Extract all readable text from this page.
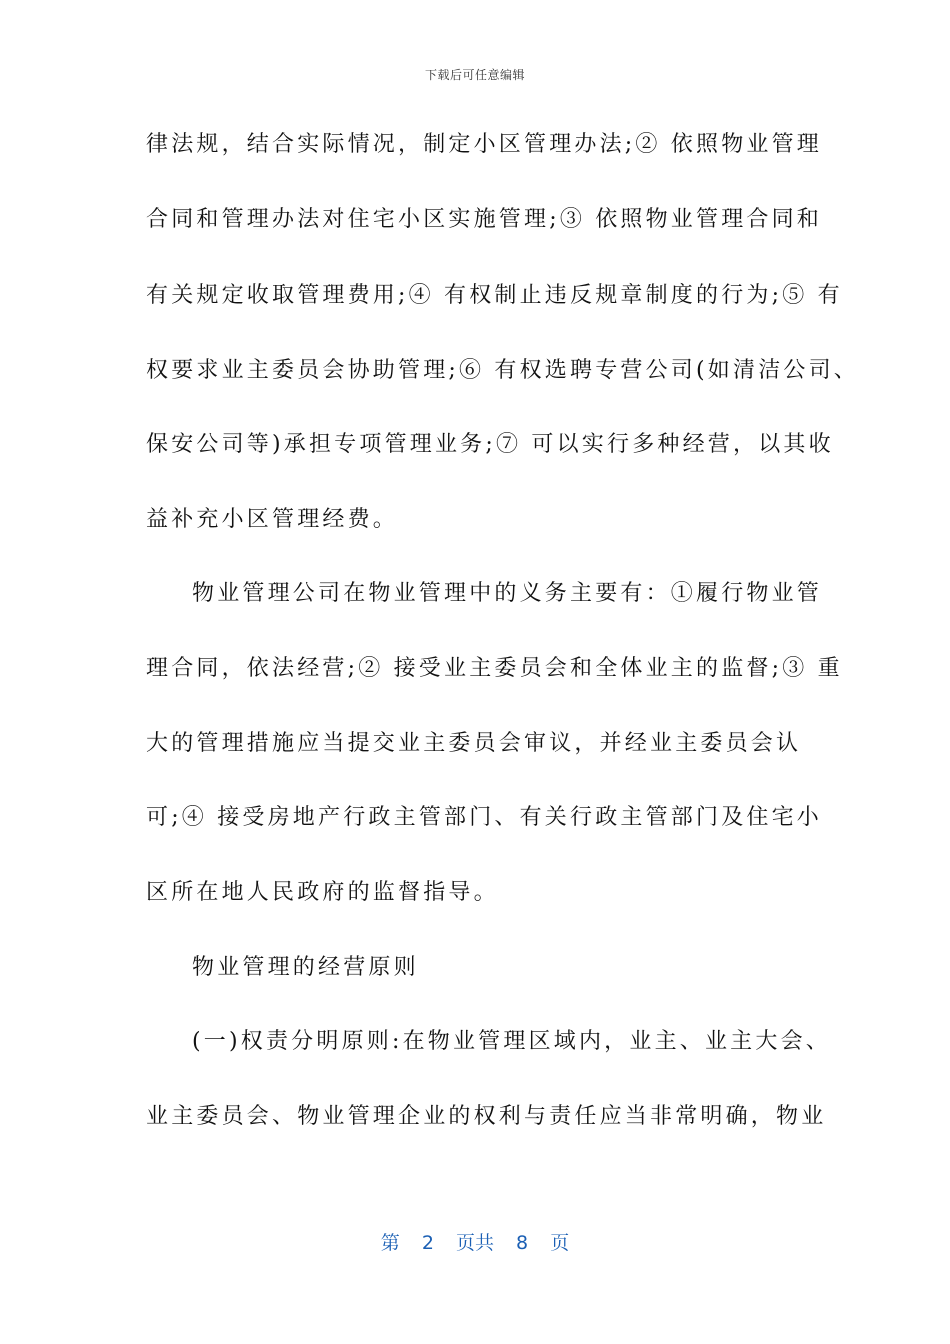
下载后可任意编辑
律法规，结合实际情况，制定小区管理办法;② 依照物业管理
合同和管理办法对住宅小区实施管理;③ 依照物业管理合同和
有关规定收取管理费用;④ 有权制止违反规章制度的行为;⑤ 有
权要求业主委员会协助管理;⑥ 有权选聘专营公司(如清洁公司、
保安公司等)承担专项管理业务;⑦ 可以实行多种经营，以其收
益补充小区管理经费。
物业管理公司在物业管理中的义务主要有：①履行物业管
理合同，依法经营;② 接受业主委员会和全体业主的监督;③ 重
大的管理措施应当提交业主委员会审议，并经业主委员会认
可;④ 接受房地产行政主管部门、有关行政主管部门及住宅小
区所在地人民政府的监督指导。
物业管理的经营原则
(一)权责分明原则:在物业管理区域内，业主、业主大会、
业主委员会、物业管理企业的权利与责任应当非常明确，物业
第 2 页共 8 页
